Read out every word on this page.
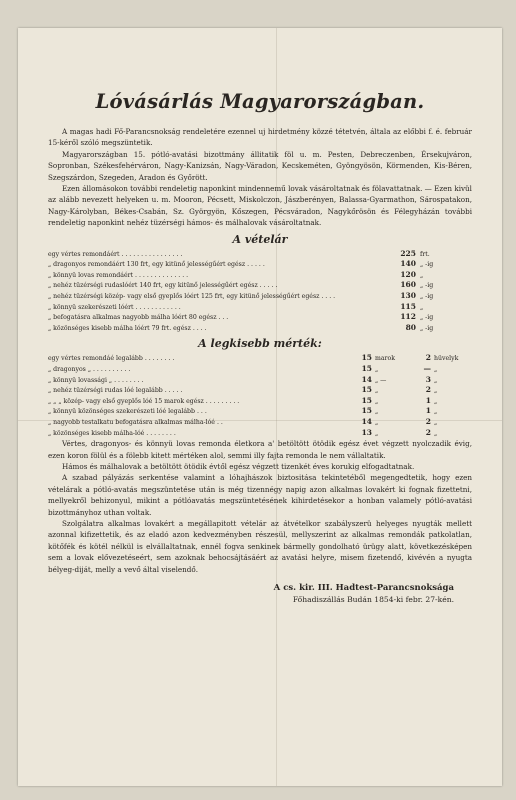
Lóvásárlás Magyarországban.

A magas hadi Fő-Parancsnokság rendeletére ezennel uj hirdetmény közzé tétetvén, általa az előbbi f. é. február 15-kéről szóló megszüntetik.

Magyarországban 15. pótló-avatási bizottmány állitatik föl u. m. Pesten, Debreczenben, Érsekujváron, Sopronban, Székesfehérváron, Nagy-Kanizsán, Nagy-Váradon, Kecskeméten, Gyöngyösön, Körmenden, Kis-Béren, Szegszárdon, Szegeden, Aradon és Győrött.

Ezen állomásokon további rendeletig naponkint mindennemű lovak vásároltatnak és fölavattatnak. — Ezen kivül az alább nevezett helyeken u. m. Mooron, Pécsett, Miskolczon, Jászberényen, Balassa-Gyarmathon, Sárospatakon, Nagy-Károlyban, Békes-Csabán, Sz. Györgyön, Kőszegen, Pécsváradon, Nagykőrösön és Félegyházán további rendeletig naponkint nehéz tüzérségi hámos- és málhalovak vásároltatnak.

A vételár
egy vértes remondáért . . . . . . . . . . . . . . . .	225 frt.
„ dragonyos remondáért 130 frt, egy kitünő jelességűért egész . . . . .	140 „ -ig
„ könnyü lovas remondáért . . . . . . . . . . . . . .	120 „
„ nehéz tüzérségi rudaslóért 140 frt, egy kitünő jelességűért egész . . . . .	160 „ -ig
„ nehéz tüzérségi közép- vagy első gyeplős lóért 125 frt, egy kitünő jelességűért egész . . . .	130 „ -ig
„ könnyü szekerészeti lóért . . . . . . . . . . . .	115 „
„ befogatásra alkalmas nagyobb málha lóért 80 egész . . .	112 „ -ig
„ közönséges kisebb málha lóért 79 frt. egész . . . .	80 „ -ig
A legkisebb mérték:
egy vértes remondáé legalább . . . . . . . .	15 marok	2 hüvelyk
„ dragonyos „ . . . . . . . . . .	15 „	— „
„ könnyü lovassági „ . . . . . . . .	14 „ —	3 „
„ nehéz tüzérségi rudas lóé legalább . . . . .	15 „	2 „
„ „ „ közép- vagy első gyeplős lóé 15 marok egész . . . . . . . . .	15 „	1 „
„ könnyü közönséges szekerészeti lóé legalább . . .	15 „	1 „
„ nagyobb testalkatu befogatásra alkalmas málha-lóé . .	14 „	2 „
„ közönséges kisebb málha-lóé . . . . . . . .	13 „	2 „

Vértes, dragonyos- és könnyü lovas remonda életkora a' betöltött ötödik egész évet végzett nyolczadik évig, ezen koron fölül és a fölebb kitett mértéken alol, semmi illy fajta remonda le nem vállaltatik.

Hámos és málhalovak a betöltött ötödik évtől egész végzett tizenkét éves korukig elfogadtatnak.

A szabad pályázás serkentése valamint a lóhajhászok biztositása tekintetéből megengedtetik, hogy ezen vételárak a pótló-avatás megszüntetése után is még tizennégy napig azon alkalmas lovakért ki fognak fizettetni, mellyekről behizonyul, mikint a pótlóavatás megszüntetésének kihirdetésekor a honban valamely pótló-avatási bizottmányhoz uthan voltak.

Szolgálatra alkalmas lovakért a megállapitott vételár az átvételkor szabályszerü helyeges nyugták mellett azonnal kifizettetik, és az eladó azon kedvezményben részesül, mellyszerint az alkalmas remondák patkolatlan, kötőfék és kötél nélkül is elvállaltatnak, ennél fogva senkinek bármelly gondolható ürügy alatt, következésképen sem a lovak elővezetéseért, sem azoknak behocsájtásáért az avatási helyre, misem fizetendő, kivévén a nyugta bélyeg-diját, melly a vevő által viselendő.

A cs. kir. III. Hadtest-Parancsnoksága
Főhadiszállás Budán 1854-ki febr. 27-kén.
